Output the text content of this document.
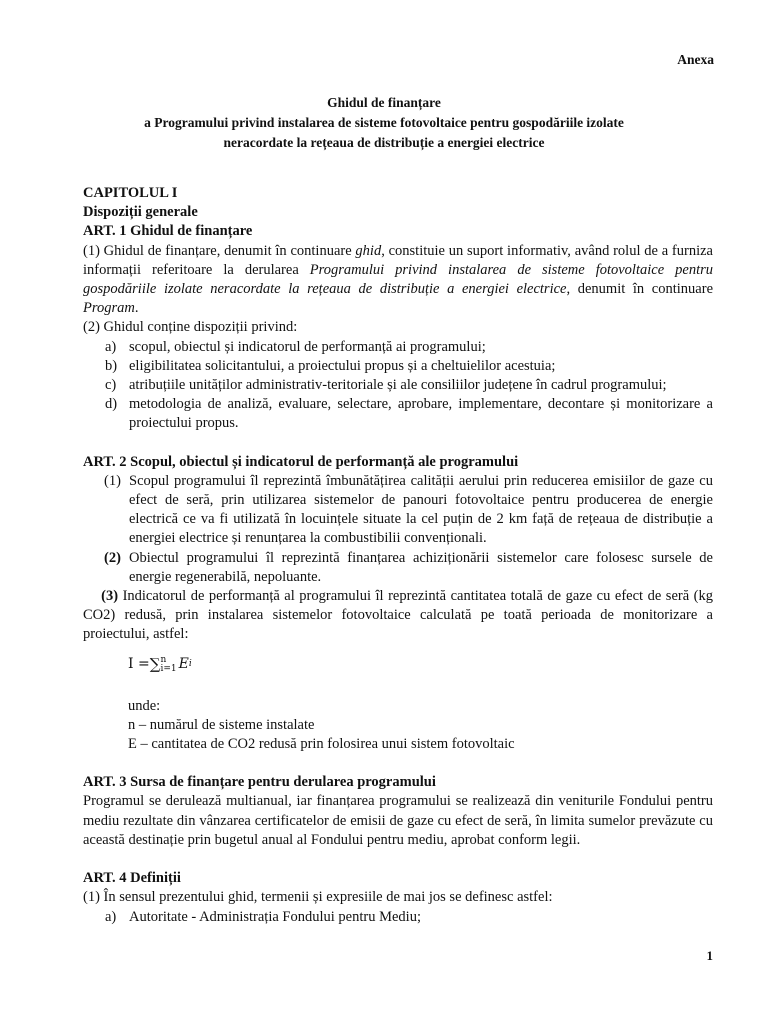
Anexa
Ghidul de finanțare
a Programului privind instalarea de sisteme fotovoltaice pentru gospodăriile izolate
neracordate la rețeaua de distribuție a energiei electrice

CAPITOLUL I

Dispoziții generale

ART. 1 Ghidul de finanțare

(1) Ghidul de finanțare, denumit în continuare ghid, constituie un suport informativ, având rolul de a furniza informații referitoare la derularea Programului privind instalarea de sisteme fotovoltaice pentru gospodăriile izolate neracordate la rețeaua de distribuție a energiei electrice, denumit în continuare Program.

(2) Ghidul conține dispoziții privind:

a) scopul, obiectul și indicatorul de performanță ai programului;
b) eligibilitatea solicitantului, a proiectului propus și a cheltuielilor acestuia;
c) atribuțiile unităților administrativ-teritoriale și ale consiliilor județene în cadrul programului;
d) metodologia de analiză, evaluare, selectare, aprobare, implementare, decontare și monitorizare a proiectului propus.

ART. 2 Scopul, obiectul și indicatorul de performanță ale programului

(1) Scopul programului îl reprezintă îmbunătățirea calității aerului prin reducerea emisiilor de gaze cu efect de seră, prin utilizarea sistemelor de panouri fotovoltaice pentru producerea de energie electrică ce va fi utilizată în locuințele situate la cel puțin de 2 km față de rețeaua de distribuție a energiei electrice și renunțarea la combustibilii convenționali.
(2) Obiectul programului îl reprezintă finanțarea achiziționării sistemelor care folosesc sursele de energie regenerabilă, nepoluante.

(3) Indicatorul de performanță al programului îl reprezintă cantitatea totală de gaze cu efect de seră (kg CO2) redusă, prin instalarea sistemelor fotovoltaice calculată pe toată perioada de monitorizare a proiectului, astfel:

I = ∑ n
i=1 E i

unde:

n – numărul de sisteme instalate

E – cantitatea de CO2 redusă prin folosirea unui sistem fotovoltaic

ART. 3 Sursa de finanțare pentru derularea programului

Programul se derulează multianual, iar finanțarea programului se realizează din veniturile Fondului pentru mediu rezultate din vânzarea certificatelor de emisii de gaze cu efect de seră, în limita sumelor prevăzute cu această destinație prin bugetul anual al Fondului pentru mediu, aprobat conform legii.

ART. 4 Definiții

(1) În sensul prezentului ghid, termenii și expresiile de mai jos se definesc astfel:

a) Autoritate - Administrația Fondului pentru Mediu;
1
